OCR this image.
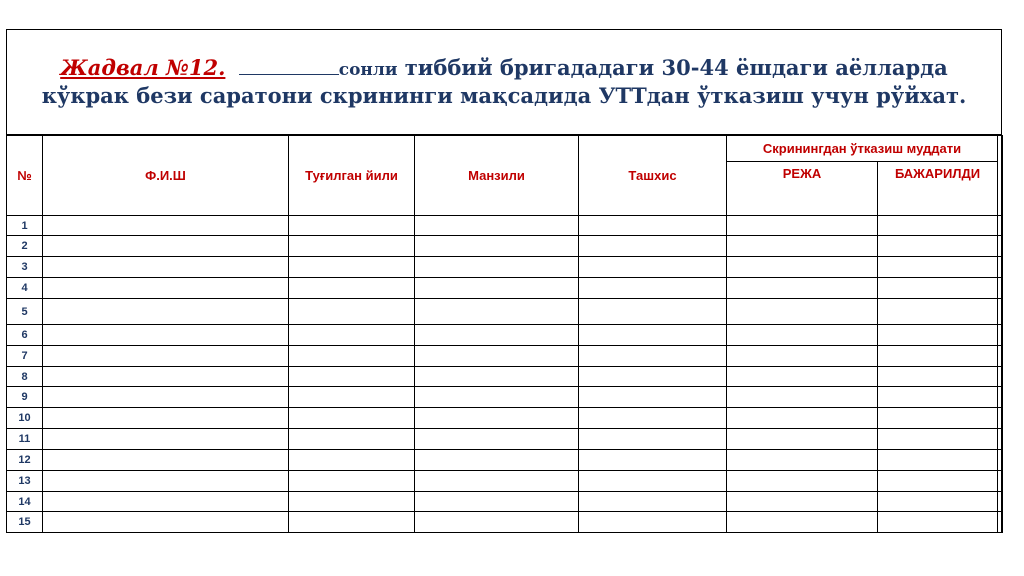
Жадвал №12.	сонли тиббий бригададаги 30-44 ёшдаги аёлларда
кўкрак бези саратони скрининги мақсадида УТТдан ўтказиш учун рўйхат.
№	Ф.И.Ш	Туғилган йили	Манзили	Ташхис	Скринингдан ўтказиш муддати		
					РЕЖА	БАЖАРИЛДИ	
1							
2							
3							
4							
5							
6							
7							
8							
9							
10							
11							
12							
13							
14							
15							
